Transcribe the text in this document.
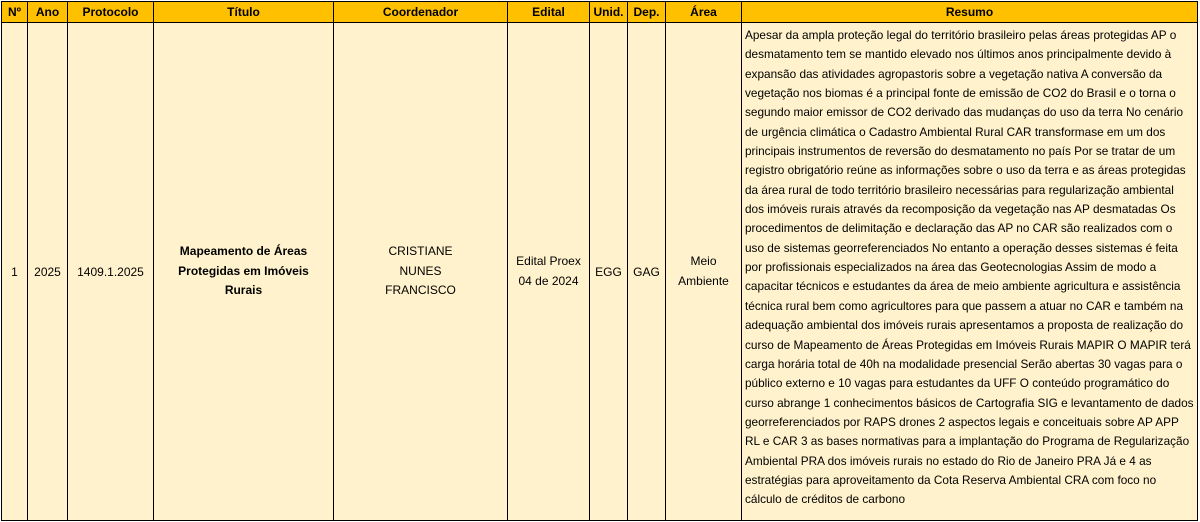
Nº	Ano	Protocolo	Título	Coordenador	Edital	Unid.	Dep.	Área	Resumo
1	2025	1409.1.2025	Mapeamento de Áreas Protegidas em Imóveis Rurais	CRISTIANE NUNES FRANCISCO	Edital Proex 04 de 2024	EGG	GAG	Meio Ambiente	Apesar da ampla proteção legal do território brasileiro pelas áreas protegidas AP o desmatamento tem se mantido elevado nos últimos anos principalmente devido à expansão das atividades agropastoris sobre a vegetação nativa A conversão da vegetação nos biomas é a principal fonte de emissão de CO2 do Brasil e o torna o segundo maior emissor de CO2 derivado das mudanças do uso da terra No cenário de urgência climática o Cadastro Ambiental Rural CAR transformase em um dos principais instrumentos de reversão do desmatamento no país Por se tratar de um registro obrigatório reúne as informações sobre o uso da terra e as áreas protegidas da área rural de todo território brasileiro necessárias para regularização ambiental dos imóveis rurais através da recomposição da vegetação nas AP desmatadas Os procedimentos de delimitação e declaração das AP no CAR são realizados com o uso de sistemas georreferenciados No entanto a operação desses sistemas é feita por profissionais especializados na área das Geotecnologias Assim de modo a capacitar técnicos e estudantes da área de meio ambiente agricultura e assistência técnica rural bem como agricultores para que passem a atuar no CAR e também na adequação ambiental dos imóveis rurais apresentamos a proposta de realização do curso de Mapeamento de Áreas Protegidas em Imóveis Rurais MAPIR O MAPIR terá carga horária total de 40h na modalidade presencial Serão abertas 30 vagas para o público externo e 10 vagas para estudantes da UFF O conteúdo programático do curso abrange 1 conhecimentos básicos de Cartografia SIG e levantamento de dados georreferenciados por RAPS drones 2 aspectos legais e conceituais sobre AP APP RL e CAR 3 as bases normativas para a implantação do Programa de Regularização Ambiental PRA dos imóveis rurais no estado do Rio de Janeiro PRA Já e 4 as estratégias para aproveitamento da Cota Reserva Ambiental CRA com foco no cálculo de créditos de carbono
